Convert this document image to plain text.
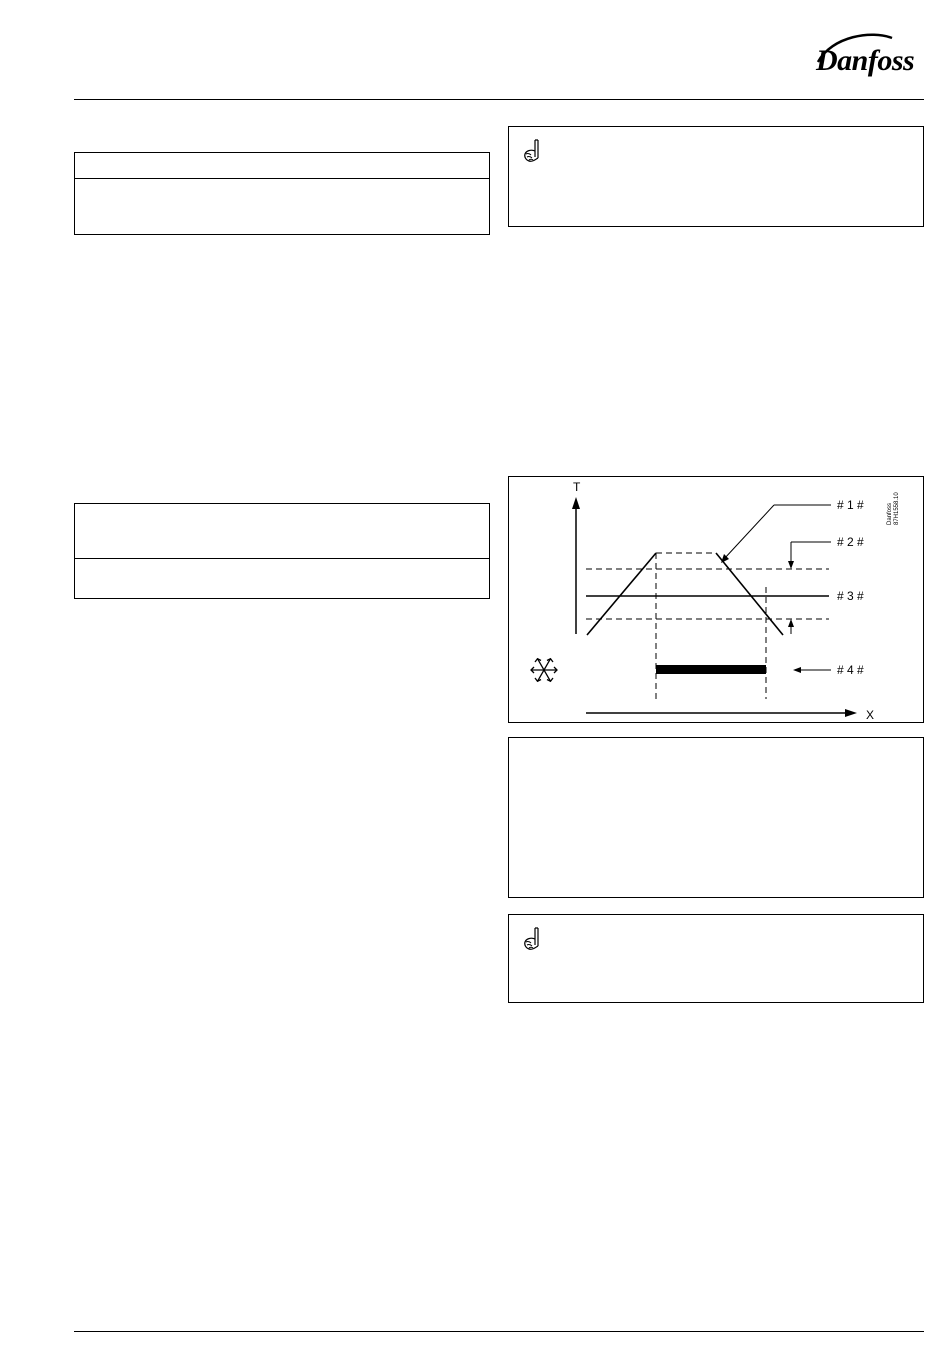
Danfoss
T
X
# 1 #
# 2 #
# 3 #
# 4 #
Danfoss 87H1558.10
